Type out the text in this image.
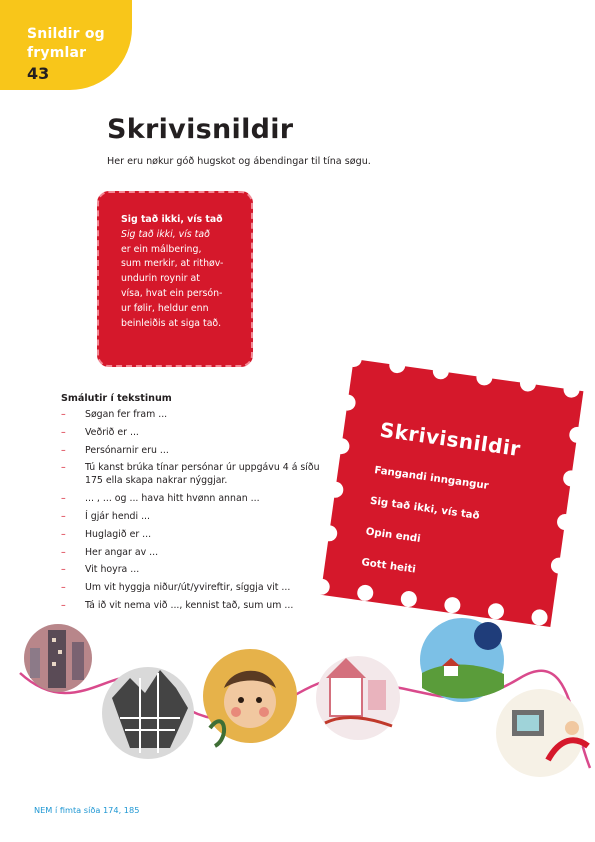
Snildir og
frymlar
43
Skrivisnildir
Her eru nøkur góð hugskot og ábendingar til tína søgu.
Sig tað ikki, vís tað
Sig tað ikki, vís tað
er ein málbering,
sum merkir, at rithøv-
undurin roynir at
vísa, hvat ein persón-
ur følir, heldur enn
beinleiðis at siga tað.
Smálutir í tekstinum
– Søgan fer fram ...
– Veðrið er ...
– Persónarnir eru ...
– Tú kanst brúka tínar persónar úr uppgávu 4 á síðu 175 ella skapa nakrar nýggjar.
– ... , ... og ... hava hitt hvønn annan ...
– Í gjár hendi ...
– Huglagið er ...
– Her angar av ...
– Vit hoyra ...
– Um vit hyggja niður/út/yvireftir, síggja vit ...
– Tá ið vit nema við ..., kennist tað, sum um ...
Skrivisnildir
Fangandi inngangur
Sig tað ikki, vís tað
Opin endi
Gott heiti
NEM í fimta síða 174, 185
